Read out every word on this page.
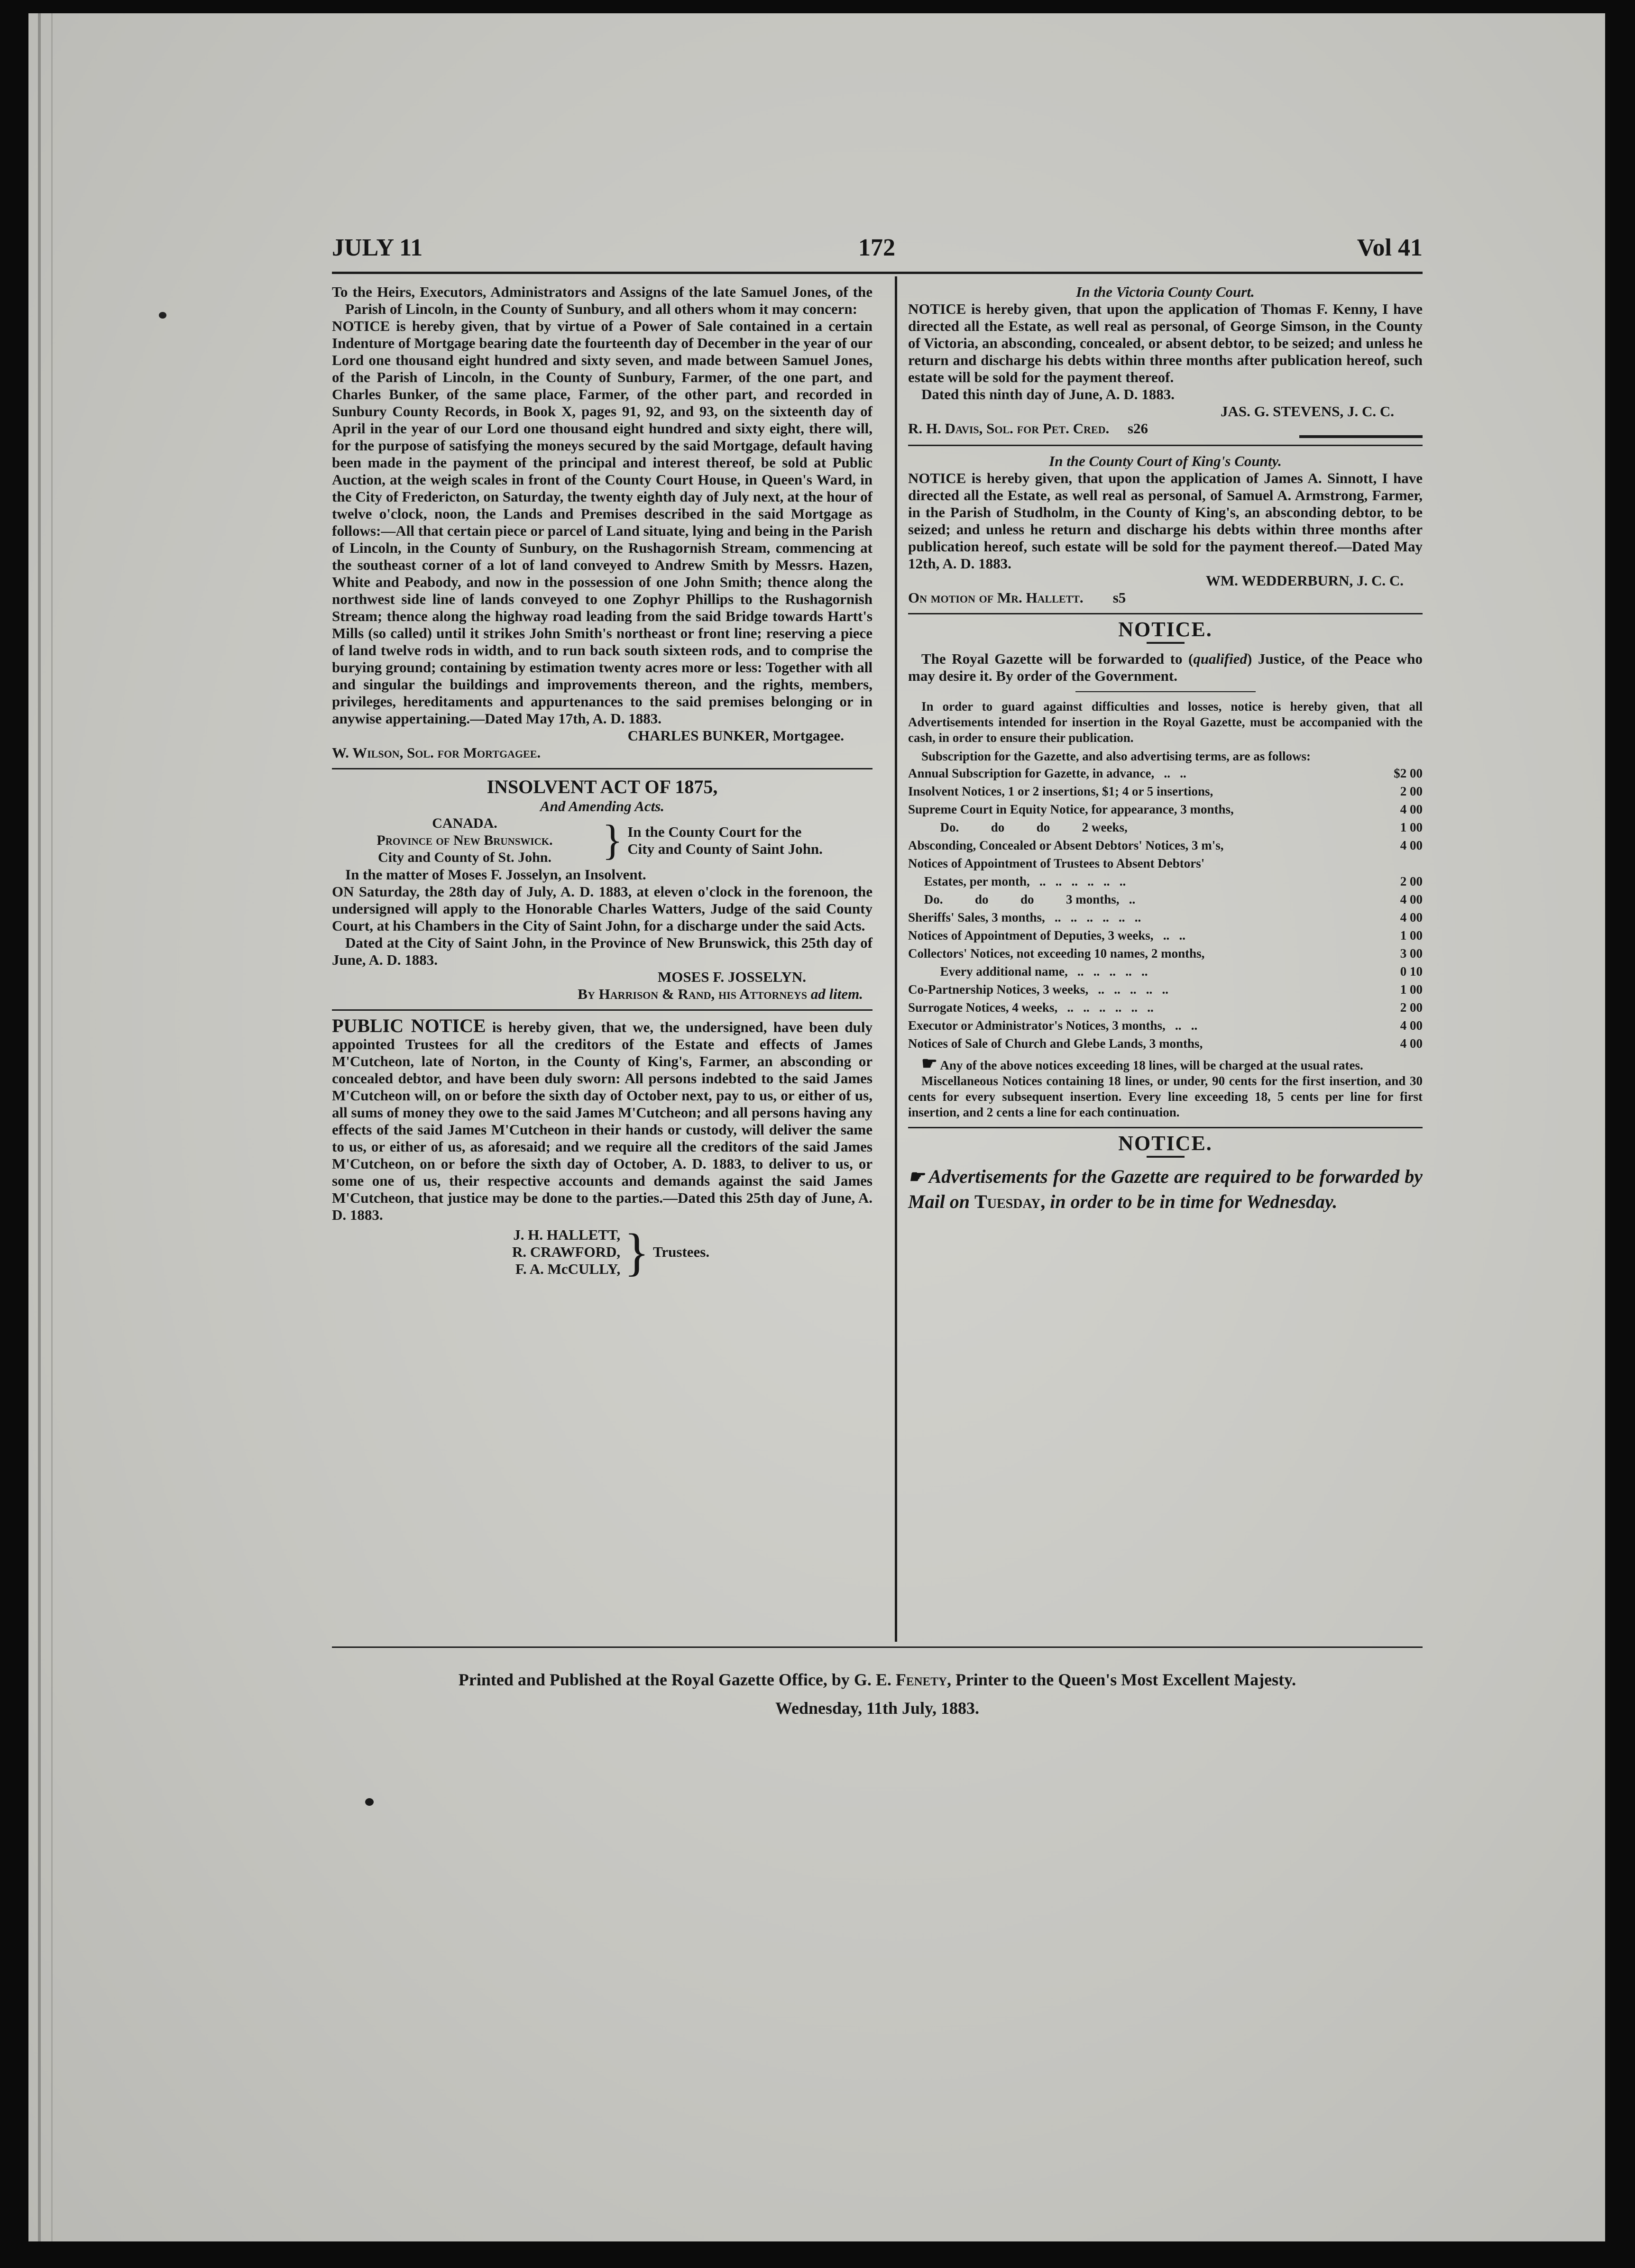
JULY 11	172	Vol 41

To the Heirs, Executors, Administrators and Assigns of the late Samuel Jones, of the Parish of Lincoln, in the County of Sunbury, and all others whom it may concern:

NOTICE is hereby given, that by virtue of a Power of Sale contained in a certain Indenture of Mortgage bearing date the fourteenth day of December in the year of our Lord one thousand eight hundred and sixty seven, and made between Samuel Jones, of the Parish of Lincoln, in the County of Sunbury, Farmer, of the one part, and Charles Bunker, of the same place, Farmer, of the other part, and recorded in Sunbury County Records, in Book X, pages 91, 92, and 93, on the sixteenth day of April in the year of our Lord one thousand eight hundred and sixty eight, there will, for the purpose of satisfying the moneys secured by the said Mortgage, default having been made in the payment of the principal and interest thereof, be sold at Public Auction, at the weigh scales in front of the County Court House, in Queen's Ward, in the City of Fredericton, on Saturday, the twenty eighth day of July next, at the hour of twelve o'clock, noon, the Lands and Premises described in the said Mortgage as follows:—All that certain piece or parcel of Land situate, lying and being in the Parish of Lincoln, in the County of Sunbury, on the Rushagornish Stream, commencing at the southeast corner of a lot of land conveyed to Andrew Smith by Messrs. Hazen, White and Peabody, and now in the possession of one John Smith; thence along the northwest side line of lands conveyed to one Zophyr Phillips to the Rushagornish Stream; thence along the highway road leading from the said Bridge towards Hartt's Mills (so called) until it strikes John Smith's northeast or front line; reserving a piece of land twelve rods in width, and to run back south sixteen rods, and to comprise the burying ground; containing by estimation twenty acres more or less: Together with all and singular the buildings and improvements thereon, and the rights, members, privileges, hereditaments and appurtenances to the said premises belonging or in anywise appertaining.—Dated May 17th, A. D. 1883.

CHARLES BUNKER, Mortgagee.

W. Wilson, Sol. for Mortgagee.

INSOLVENT ACT OF 1875,

And Amending Acts.

CANADA.

Province of New Brunswick.

City and County of St. John.	} In the County Court for the

City and County of Saint John.

In the matter of Moses F. Josselyn, an Insolvent.

ON Saturday, the 28th day of July, A. D. 1883, at eleven o'clock in the forenoon, the undersigned will apply to the Honorable Charles Watters, Judge of the said County Court, at his Chambers in the City of Saint John, for a discharge under the said Acts.

Dated at the City of Saint John, in the Province of New Brunswick, this 25th day of June, A. D. 1883.

MOSES F. JOSSELYN.

By Harrison & Rand, his Attorneys ad litem.

PUBLIC NOTICE is hereby given, that we, the undersigned, have been duly appointed Trustees for all the creditors of the Estate and effects of James M'Cutcheon, late of Norton, in the County of King's, Farmer, an absconding or concealed debtor, and have been duly sworn: All persons indebted to the said James M'Cutcheon will, on or before the sixth day of October next, pay to us, or either of us, all sums of money they owe to the said James M'Cutcheon; and all persons having any effects of the said James M'Cutcheon in their hands or custody, will deliver the same to us, or either of us, as aforesaid; and we require all the creditors of the said James M'Cutcheon, on or before the sixth day of October, A. D. 1883, to deliver to us, or some one of us, their respective accounts and demands against the said James M'Cutcheon, that justice may be done to the parties.—Dated this 25th day of June, A. D. 1883.

J. H. HALLETT,

R. CRAWFORD,

F. A. McCULLY, } Trustees.

In the Victoria County Court.

NOTICE is hereby given, that upon the application of Thomas F. Kenny, I have directed all the Estate, as well real as personal, of George Simson, in the County of Victoria, an absconding, concealed, or absent debtor, to be seized; and unless he return and discharge his debts within three months after publication hereof, such estate will be sold for the payment thereof.

Dated this ninth day of June, A. D. 1883.

JAS. G. STEVENS, J. C. C.

R. H. Davis, Sol. for Pet. Cred. s26

In the County Court of King's County.

NOTICE is hereby given, that upon the application of James A. Sinnott, I have directed all the Estate, as well real as personal, of Samuel A. Armstrong, Farmer, in the Parish of Studholm, in the County of King's, an absconding debtor, to be seized; and unless he return and discharge his debts within three months after publication hereof, such estate will be sold for the payment thereof.—Dated May 12th, A. D. 1883.

WM. WEDDERBURN, J. C. C.

On motion of Mr. Hallett. s5

NOTICE.

The Royal Gazette will be forwarded to (qualified) Justice, of the Peace who may desire it. By order of the Government.

In order to guard against difficulties and losses, notice is hereby given, that all Advertisements intended for insertion in the Royal Gazette, must be accompanied with the cash, in order to ensure their publication.

Subscription for the Gazette, and also advertising terms, are as follows:

Annual Subscription for Gazette, in advance,   ..   ..	$2 00
Insolvent Notices, 1 or 2 insertions, $1; 4 or 5 insertions,	2 00
Supreme Court in Equity Notice, for appearance, 3 months,	4 00
Do.          do          do          2 weeks,	1 00
Absconding, Concealed or Absent Debtors' Notices, 3 m's,	4 00
Notices of Appointment of Trustees to Absent Debtors'
Estates, per month,   ..   ..   ..   ..   ..   ..	2 00
Do.          do          do          3 months,   ..	4 00
Sheriffs' Sales, 3 months,   ..   ..   ..   ..   ..   ..	4 00
Notices of Appointment of Deputies, 3 weeks,   ..   ..	1 00
Collectors' Notices, not exceeding 10 names, 2 months,	3 00
Every additional name,   ..   ..   ..   ..   ..	0 10
Co-Partnership Notices, 3 weeks,   ..   ..   ..   ..   ..	1 00
Surrogate Notices, 4 weeks,   ..   ..   ..   ..   ..   ..	2 00
Executor or Administrator's Notices, 3 months,   ..   ..	4 00
Notices of Sale of Church and Glebe Lands, 3 months,	4 00

☛ Any of the above notices exceeding 18 lines, will be charged at the usual rates.

Miscellaneous Notices containing 18 lines, or under, 90 cents for the first insertion, and 30 cents for every subsequent insertion. Every line exceeding 18, 5 cents per line for first insertion, and 2 cents a line for each continuation.

NOTICE.

☛ Advertisements for the Gazette are required to be forwarded by Mail on Tuesday, in order to be in time for Wednesday.

Printed and Published at the Royal Gazette Office, by G. E. Fenety, Printer to the Queen's Most Excellent Majesty.

Wednesday, 11th July, 1883.
